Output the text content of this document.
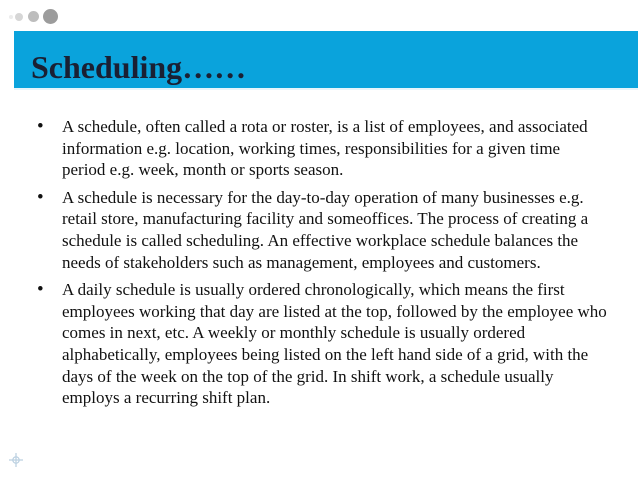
Scheduling……
• A schedule, often called a rota or roster, is a list of employees, and associated information e.g. location, working times, responsibilities for a given time period e.g. week, month or sports season.
• A schedule is necessary for the day-to-day operation of many businesses e.g. retail store, manufacturing facility and someoffices. The process of creating a schedule is called scheduling. An effective workplace schedule balances the needs of stakeholders such as management, employees and customers.
• A daily schedule is usually ordered chronologically, which means the first employees working that day are listed at the top, followed by the employee who comes in next, etc. A weekly or monthly schedule is usually ordered alphabetically, employees being listed on the left hand side of a grid, with the days of the week on the top of the grid. In shift work, a schedule usually employs a recurring shift plan.
